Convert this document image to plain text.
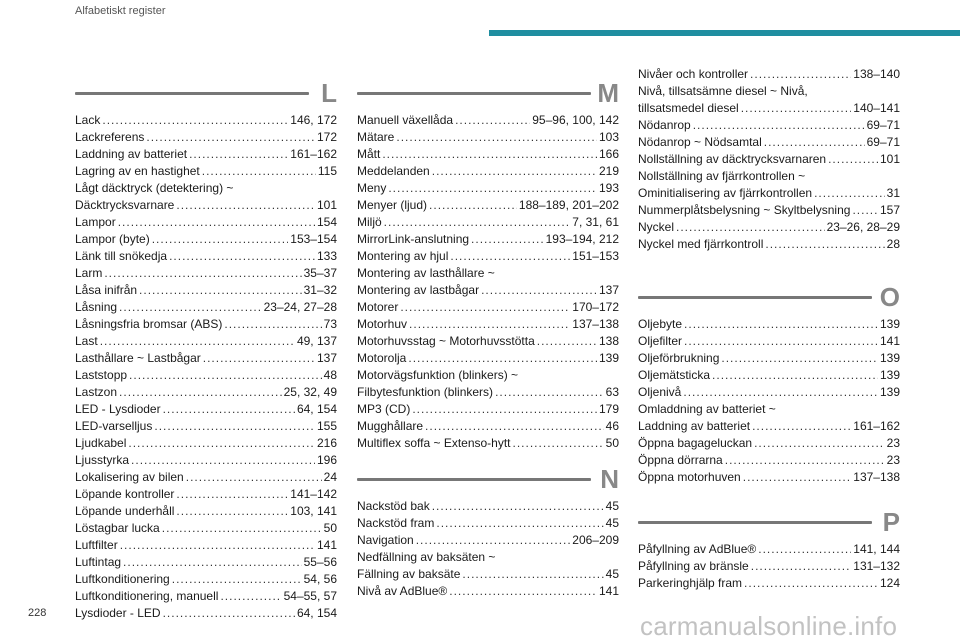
Alfabetiskt register
L
Lack .....	146, 172
Lackreferens .....	172
Laddning av batteriet .....	161–162
Lagring av en hastighet .....	115
Lågt däcktryck (detektering) ~
Däcktrycksvarnare .....	101
Lampor .....	154
Lampor (byte) .....	153–154
Länk till snökedja .....	133
Larm .....	35–37
Låsa inifrån .....	31–32
Låsning .....	23–24, 27–28
Låsningsfria bromsar (ABS) .....	73
Last .....	49, 137
Lasthållare ~ Lastbågar .....	137
Laststopp .....	48
Lastzon .....	25, 32, 49
LED - Lysdioder .....	64, 154
LED-varselljus .....	155
Ljudkabel .....	216
Ljusstyrka .....	196
Lokalisering av bilen .....	24
Löpande kontroller .....	141–142
Löpande underhåll .....	103, 141
Löstagbar lucka .....	50
Luftfilter .....	141
Luftintag .....	55–56
Luftkonditionering .....	54, 56
Luftkonditionering, manuell .....	54–55, 57
Lysdioder - LED .....	64, 154
M
Manuell växellåda .....	95–96, 100, 142
Mätare .....	103
Mått .....	166
Meddelanden .....	219
Meny .....	193
Menyer (ljud) .....	188–189, 201–202
Miljö .....	7, 31, 61
MirrorLink-anslutning .....	193–194, 212
Montering av hjul .....	151–153
Montering av lasthållare ~
Montering av lastbågar .....	137
Motorer .....	170–172
Motorhuv .....	137–138
Motorhuvsstag ~ Motorhuvsstötta .....	138
Motorolja .....	139
Motorvägsfunktion (blinkers) ~
Filbytesfunktion (blinkers) .....	63
MP3 (CD) .....	179
Mugghållare .....	46
Multiflex soffa ~ Extenso-hytt .....	50
N
Nackstöd bak .....	45
Nackstöd fram .....	45
Navigation .....	206–209
Nedfällning av baksäten ~
Fällning av baksäte .....	45
Nivå av AdBlue® .....	141
Nivåer och kontroller .....	138–140
Nivå, tillsatsämne diesel ~ Nivå,
tillsatsmedel diesel .....	140–141
Nödanrop .....	69–71
Nödanrop ~ Nödsamtal .....	69–71
Nollställning av däcktrycksvarnaren .....	101
Nollställning av fjärrkontrollen ~
Ominitialisering av fjärrkontrollen .....	31
Nummerplåtsbelysning ~ Skyltbelysning ..... 157
Nyckel .....	23–26, 28–29
Nyckel med fjärrkontroll .....	28
O
Oljebyte .....	139
Oljefilter .....	141
Oljeförbrukning .....	139
Oljemätsticka .....	139
Oljenivå .....	139
Omladdning av batteriet ~
Laddning av batteriet .....	161–162
Öppna bagageluckan .....	23
Öppna dörrarna .....	23
Öppna motorhuven .....	137–138
P
Påfyllning av AdBlue® .....	141, 144
Påfyllning av bränsle .....	131–132
Parkeringhjälp fram .....	124
228	carmanualsonline.info
